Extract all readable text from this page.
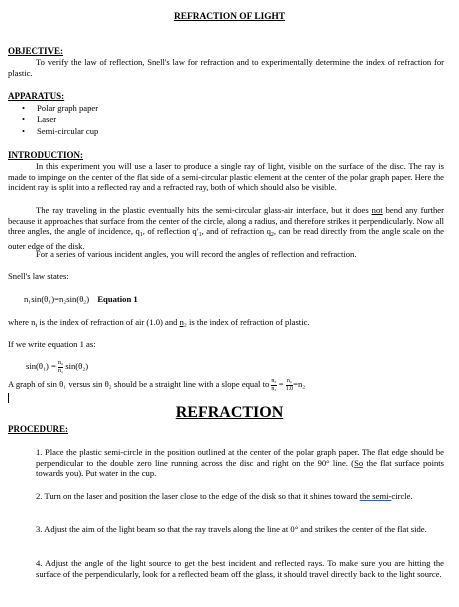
REFRACTION OF LIGHT
OBJECTIVE:
To verify the law of reflection, Snell's law for refraction and to experimentally determine the index of refraction for plastic.
APPARATUS:
• Polar graph paper
• Laser
• Semi-circular cup
INTRODUCTION:
In this experiment you will use a laser to produce a single ray of light, visible on the surface of the disc. The ray is made to impinge on the center of the flat side of a semi-circular plastic element at the center of the polar graph paper. Here the incident ray is split into a reflected ray and a refracted ray, both of which should also be visible.
The ray traveling in the plastic eventually hits the semi-circular glass-air interface, but it does not bend any further because it approaches that surface from the center of the circle, along a radius, and therefore strikes it perpendicularly. Now all three angles, the angle of incidence, $q_1$, of reflection $q'_1$, and of refraction $q_2$, can be read directly from the angle scale on the outer edge of the disk.
For a series of various incident angles, you will record the angles of reflection and refraction.
Snell's law states:
n₁sin(θ₁)=n₂sin(θ₂) Equation 1
where $n_i$ is the index of refraction of air (1.0) and n₂ is the index of refraction of plastic.
If we write equation 1 as:
$\sin(\theta_1) = \frac{\text{n₂}}{\text{n₁}} \sin(\theta_2)$
A graph of sin θ₁ versus sin θ₂ should be a straight line with a slope equal to $\frac{\text{n₂}}{\text{n₁}} = \frac{\text{n₂}}{1.0} =n_2$
REFRACTION
PROCEDURE:
1. Place the plastic semi-circle in the position outlined at the center of the polar graph paper. The flat edge should be perpendicular to the double zero line running across the disc and right on the 90° line. (So the flat surface points towards you). Put water in the cup.
2. Turn on the laser and position the laser close to the edge of the disk so that it shines toward the semi-circle.
3. Adjust the aim of the light beam so that the ray travels along the line at 0° and strikes the center of the flat side.
4. Adjust the angle of the light source to get the best incident and reflected rays. To make sure you are hitting the surface of the perpendicularly, look for a reflected beam off the glass, it should travel directly back to the light source.
